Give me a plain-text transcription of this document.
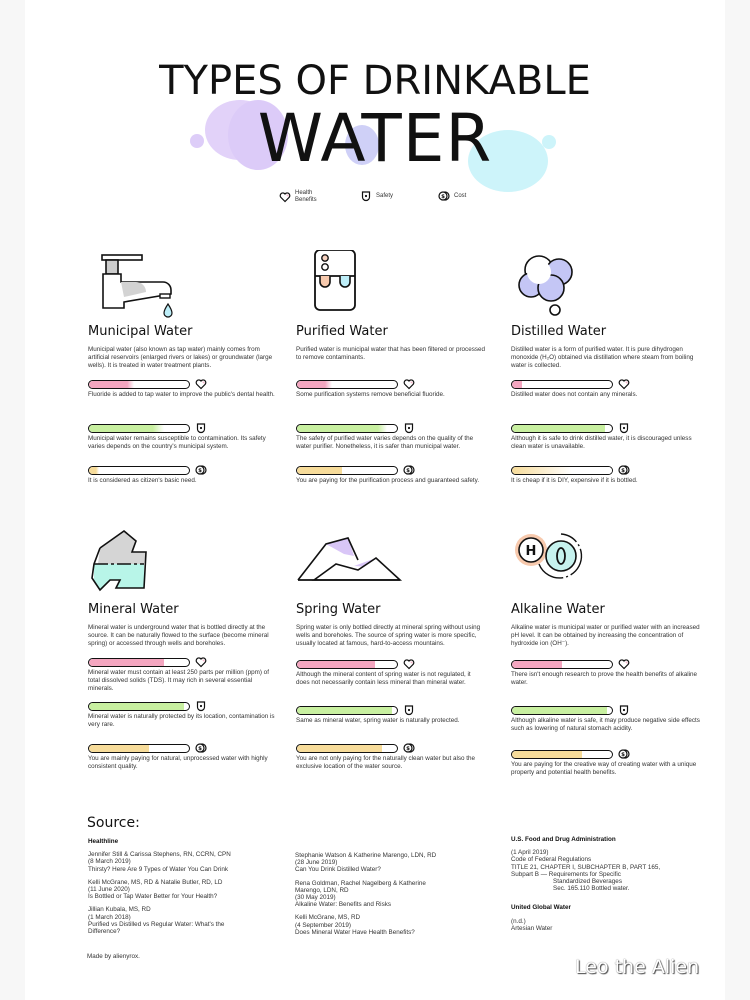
TYPES OF DRINKABLE
WATER
Health
Benefits
Safety	$ Cost
Municipal Water
Municipal water (also known as tap water) mainly comes from artificial reservoirs (enlarged rivers or lakes) or groundwater (large wells). It is treated in water treatment plants.
Fluoride is added to tap water to improve the public's dental health.
Municipal water remains susceptible to contamination. Its safety varies depends on the country's municipal system.
$
It is considered as citizen's basic need.
Purified Water
Purified water is municipal water that has been filtered or processed to remove contaminants.
Some purification systems remove beneficial fluoride.
The safety of purified water varies depends on the quality of the water purifier. Nonetheless, it is safer than municipal water.
$
You are paying for the purification process and guaranteed safety.
Distilled Water
Distilled water is a form of purified water. It is pure dihydrogen monoxide (H₂O) obtained via distillation where steam from boiling water is collected.
Distilled water does not contain any minerals.
Although it is safe to drink distilled water, it is discouraged unless clean water is unavailable.
$
It is cheap if it is DIY, expensive if it is bottled.
Mineral Water
Mineral water is underground water that is bottled directly at the source. It can be naturally flowed to the surface (become mineral spring) or accessed through wells and boreholes.
Mineral water must contain at least 250 parts per million (ppm) of total dissolved solids (TDS). It may rich in several essential minerals.
Mineral water is naturally protected by its location, contamination is very rare.
$
You are mainly paying for natural, unprocessed water with highly consistent quality.
Spring Water
Spring water is only bottled directly at mineral spring without using wells and boreholes. The source of spring water is more specific, usually located at famous, hard-to-access mountains.
Although the mineral content of spring water is not regulated, it does not necessarily contain less mineral than mineral water.
Same as mineral water, spring water is naturally protected.
$
You are not only paying for the naturally clean water but also the exclusive location of the water source.
H
Alkaline Water
Alkaline water is municipal water or purified water with an increased pH level. It can be obtained by increasing the concentration of hydroxide ion (OH⁻).
There isn't enough research to prove the health benefits of alkaline water.
Although alkaline water is safe, it may produce negative side effects such as lowering of natural stomach acidity.
$
You are paying for the creative way of creating water with a unique property and potential health benefits.
Source:
Healthline
Jennifer Still & Carissa Stephens, RN, CCRN, CPN
(8 March 2019)
Thirsty? Here Are 9 Types of Water You Can Drink
Kelli McGrane, MS, RD & Natalie Butler, RD, LD
(11 June 2020)
Is Bottled or Tap Water Better for Your Health?
Jillian Kubala, MS, RD
(1 March 2018)
Purified vs Distilled vs Regular Water: What's the
Difference?
Stephanie Watson & Katherine Marengo, LDN, RD
(28 June 2019)
Can You Drink Distilled Water?
Rena Goldman, Rachel Nagelberg & Katherine
Marengo, LDN, RD
(30 May 2019)
Alkaline Water: Benefits and Risks
Kelli McGrane, MS, RD
(4 September 2019)
Does Mineral Water Have Health Benefits?
U.S. Food and Drug Administration
(1 April 2019)
Code of Federal Regulations
TITLE 21, CHAPTER I, SUBCHAPTER B, PART 165,
Subpart B — Requirements for Specific
Standardized Beverages
Sec. 165.110 Bottled water.
United Global Water
(n.d.)
Artesian Water
Made by alienyrox.	Leo the Alien
